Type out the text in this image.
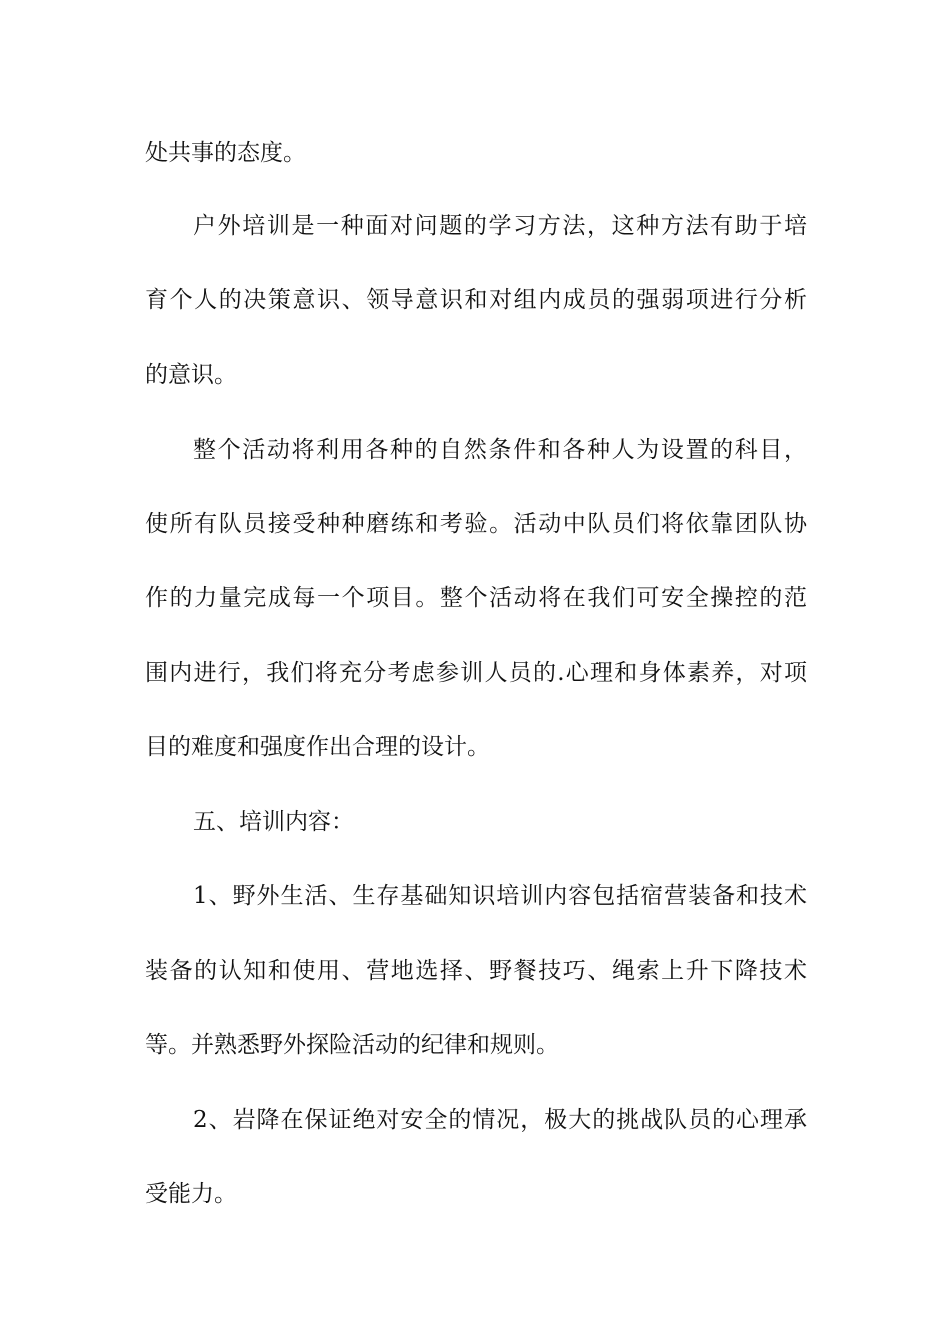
处共事的态度。
户外培训是一种面对问题的学习方法，这种方法有助于培
育个人的决策意识、领导意识和对组内成员的强弱项进行分析
的意识。
整个活动将利用各种的自然条件和各种人为设置的科目，
使所有队员接受种种磨练和考验。活动中队员们将依靠团队协
作的力量完成每一个项目。整个活动将在我们可安全操控的范
围内进行，我们将充分考虑参训人员的.心理和身体素养，对项
目的难度和强度作出合理的设计。
五、培训内容：
1、野外生活、生存基础知识培训内容包括宿营装备和技术
装备的认知和使用、营地选择、野餐技巧、绳索上升下降技术
等。并熟悉野外探险活动的纪律和规则。
2、岩降在保证绝对安全的情况，极大的挑战队员的心理承
受能力。
